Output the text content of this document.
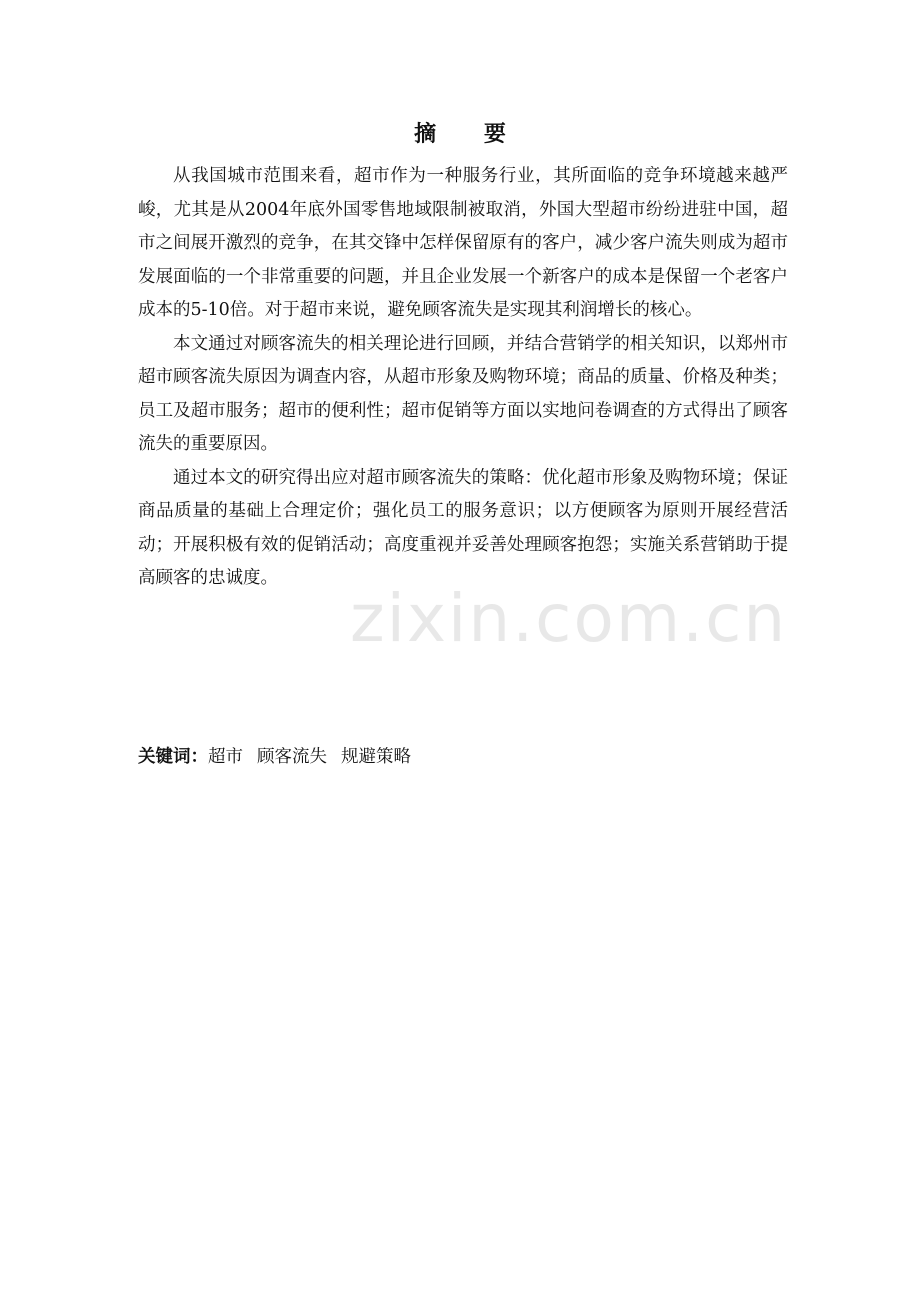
摘 要

从我国城市范围来看，超市作为一种服务行业，其所面临的竞争环境越来越严峻，尤其是从2004年底外国零售地域限制被取消，外国大型超市纷纷进驻中国，超市之间展开激烈的竞争，在其交锋中怎样保留原有的客户，减少客户流失则成为超市发展面临的一个非常重要的问题，并且企业发展一个新客户的成本是保留一个老客户成本的5-10倍。对于超市来说，避免顾客流失是实现其利润增长的核心。

本文通过对顾客流失的相关理论进行回顾，并结合营销学的相关知识，以郑州市超市顾客流失原因为调查内容，从超市形象及购物环境；商品的质量、价格及种类；员工及超市服务；超市的便利性；超市促销等方面以实地问卷调查的方式得出了顾客流失的重要原因。

通过本文的研究得出应对超市顾客流失的策略：优化超市形象及购物环境；保证商品质量的基础上合理定价；强化员工的服务意识；以方便顾客为原则开展经营活动；开展积极有效的促销活动；高度重视并妥善处理顾客抱怨；实施关系营销助于提高顾客的忠诚度。

关键词：超市 顾客流失 规避策略
zixin.com.cn
